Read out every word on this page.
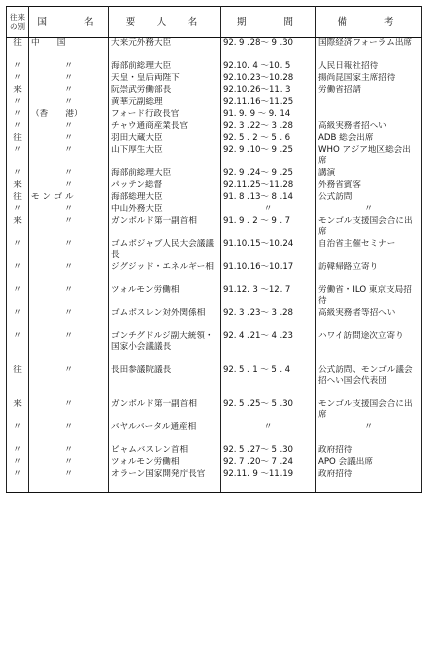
往来
の別	国　　名	要　人　名	期　　間	備　　考
往	中　　国	大来元外務大臣	92. 9 .28～ 9 .30	国際経済フォーラム出席
〃	〃	海部前総理大臣	92.10. 4 ～10. 5	人民日報社招待
〃	〃	天皇・皇后両陛下	92.10.23～10.28	揚尚昆国家主席招待
来	〃	阮崇武労働部長	92.10.26～11. 3	労働省招請
〃	〃	黄華元副総理	92.11.16～11.25	
〃	（香　　港）	フォード行政長官	91. 9. 9 ～ 9. 14	
〃	〃	チャウ通商産業長官	92. 3 .22～ 3 .28	高級実務者招へい
往	〃	羽田大蔵大臣	92. 5 . 2 ～ 5 . 6	ADB 総会出席
〃	〃	山下厚生大臣	92. 9 .10～ 9 .25	WHO アジア地区総会出席
〃	〃	海部前総理大臣	92. 9 .24～ 9 .25	講演
来	〃	パッテン総督	92.11.25～11.28	外務省賓客
往	モ ン ゴ ル	海部総理大臣	91. 8 .13～ 8 .14	公式訪問
〃	〃	中山外務大臣	〃	〃
来	〃	ガンボルド第一副首相	91. 9 . 2 ～ 9 . 7	モンゴル支援国会合に出席
〃	〃	ゴムボジャブ人民大会議議長	91.10.15～10.24	自治省主催セミナー
〃	〃	ジグジッド・エネルギー相	91.10.16～10.17	訪韓帰路立寄り
〃	〃	ツォルモン労働相	91.12. 3 ～12. 7	労働省・ILO 東京支局招待
〃	〃	ゴムボスレン対外関係相	92. 3 .23～ 3 .28	高級実務者等招へい
〃	〃	ゴンチグドルジ副大統領・国家小会議議長	92. 4 .21～ 4 .23	ハワイ訪問途次立寄り
往	〃	長田参議院議長	92. 5 . 1 ～ 5 . 4	公式訪問、モンゴル議会招へい国会代表団
来	〃	ガンボルド第一副首相	92. 5 .25～ 5 .30	モンゴル支援国会合に出席
〃	〃	バヤルバータル通産相	〃	〃
〃	〃	ビャムバスレン首相	92. 5 .27～ 5 .30	政府招待
〃	〃	ツォルモン労働相	92. 7 .20～ 7 .24	APO 会議出席
〃	〃	オラーン国家開発庁長官	92.11. 9 ～11.19	政府招待
